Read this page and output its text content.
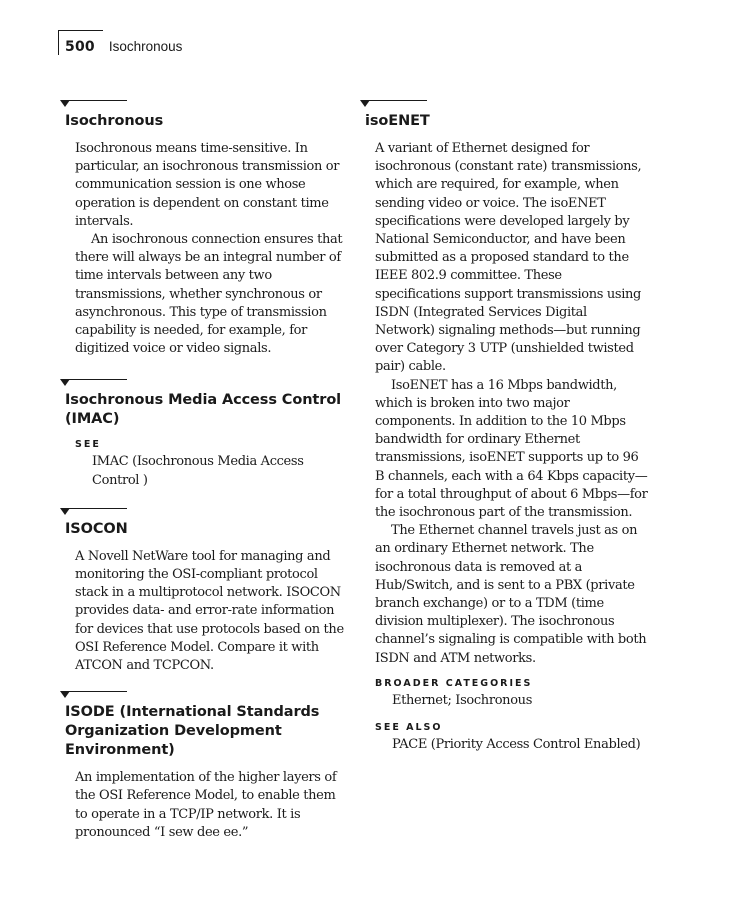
500 Isochronous
Isochronous

Isochronous means time-sensitive. In particular, an isochronous transmission or communication session is one whose operation is dependent on constant time intervals.

An isochronous connection ensures that there will always be an integral number of time intervals between any two transmissions, whether synchronous or asynchronous. This type of transmission capability is needed, for example, for digitized voice or video signals.

Isochronous Media Access Control (IMAC)
SEE
IMAC (Isochronous Media Access Control )
ISOCON

A Novell NetWare tool for managing and monitoring the OSI-compliant protocol stack in a multiprotocol network. ISOCON provides data- and error-rate information for devices that use protocols based on the OSI Reference Model. Compare it with ATCON and TCPCON.

ISODE (International Standards Organization Development Environment)

An implementation of the higher layers of the OSI Reference Model, to enable them to operate in a TCP/IP network. It is pronounced “I sew dee ee.”

isoENET

A variant of Ethernet designed for isochronous (constant rate) transmissions, which are required, for example, when sending video or voice. The isoENET specifications were developed largely by National Semiconductor, and have been submitted as a proposed standard to the IEEE 802.9 committee. These specifications support transmissions using ISDN (Integrated Services Digital Network) signaling methods—but running over Category 3 UTP (unshielded twisted pair) cable.

IsoENET has a 16 Mbps bandwidth, which is broken into two major components. In addition to the 10 Mbps bandwidth for ordinary Ethernet transmissions, isoENET supports up to 96 B channels, each with a 64 Kbps capacity—for a total throughput of about 6 Mbps—for the isochronous part of the transmission.

The Ethernet channel travels just as on an ordinary Ethernet network. The isochronous data is removed at a Hub/Switch, and is sent to a PBX (private branch exchange) or to a TDM (time division multiplexer). The isochronous channel’s signaling is compatible with both ISDN and ATM networks.

BROADER CATEGORIES
Ethernet; Isochronous
SEE ALSO
PACE (Priority Access Control Enabled)
